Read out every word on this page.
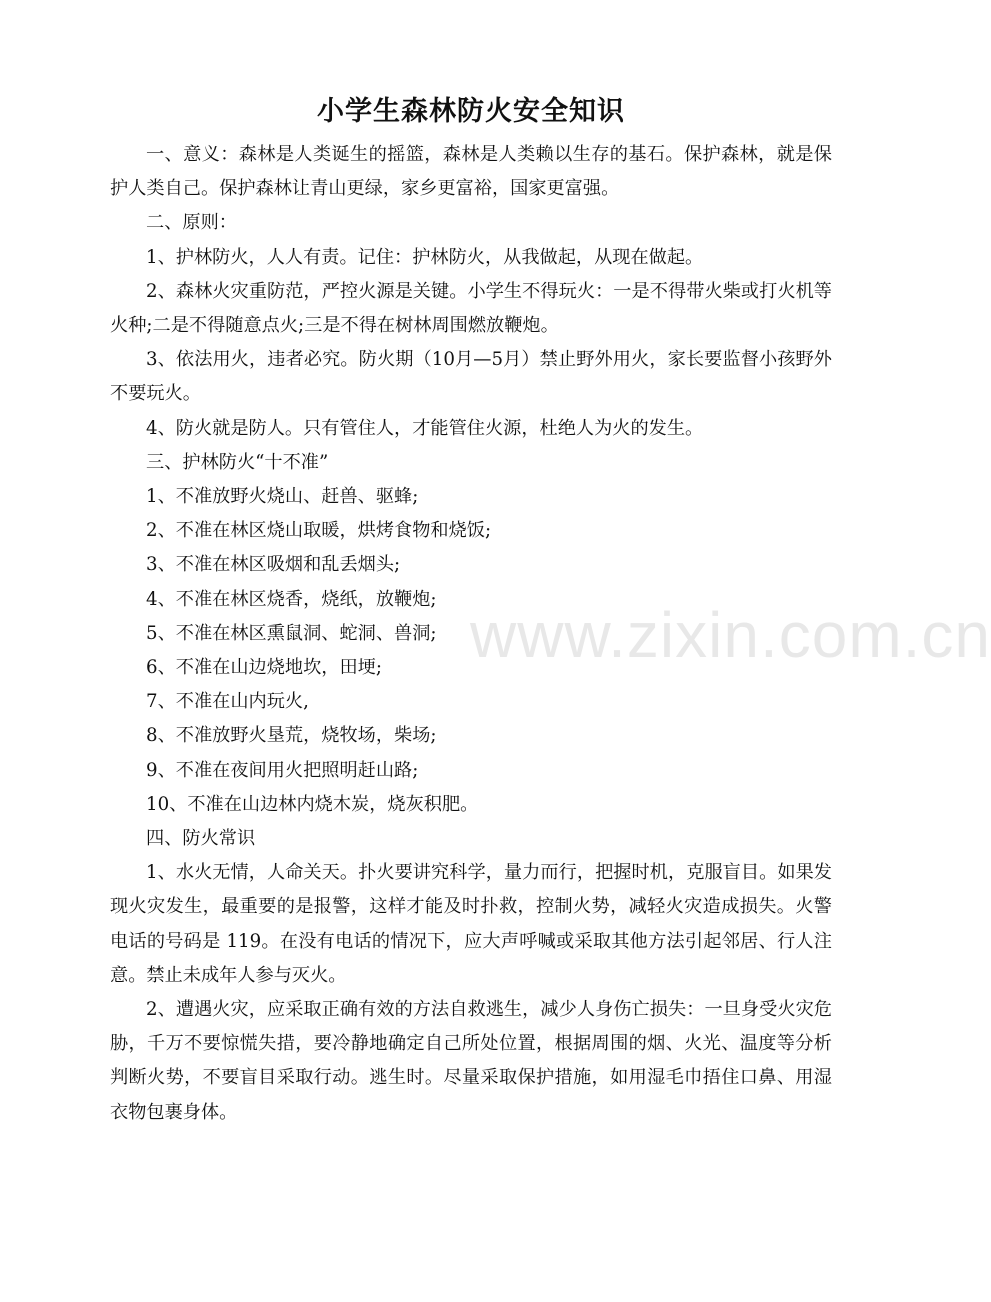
小学生森林防火安全知识

一、意义：森林是人类诞生的摇篮，森林是人类赖以生存的基石。保护森林，就是保护人类自己。保护森林让青山更绿，家乡更富裕，国家更富强。

二、原则：

1、护林防火，人人有责。记住：护林防火，从我做起，从现在做起。

2、森林火灾重防范，严控火源是关键。小学生不得玩火：一是不得带火柴或打火机等火种;二是不得随意点火;三是不得在树林周围燃放鞭炮。

3、依法用火，违者必究。防火期（10月—5月）禁止野外用火，家长要监督小孩野外不要玩火。

4、防火就是防人。只有管住人，才能管住火源，杜绝人为火的发生。

三、护林防火“十不准”

1、不准放野火烧山、赶兽、驱蜂;

2、不准在林区烧山取暖，烘烤食物和烧饭;

3、不准在林区吸烟和乱丢烟头;

4、不准在林区烧香，烧纸，放鞭炮;

5、不准在林区熏鼠洞、蛇洞、兽洞;

6、不准在山边烧地坎，田埂;

7、不准在山内玩火,

8、不准放野火垦荒，烧牧场，柴场;

9、不准在夜间用火把照明赶山路;

10、不准在山边林内烧木炭，烧灰积肥。

四、防火常识

1、水火无情，人命关天。扑火要讲究科学，量力而行，把握时机，克服盲目。如果发现火灾发生，最重要的是报警，这样才能及时扑救，控制火势，减轻火灾造成损失。火警电话的号码是 119。在没有电话的情况下，应大声呼喊或采取其他方法引起邻居、行人注意。禁止未成年人参与灭火。

2、遭遇火灾，应采取正确有效的方法自救逃生，减少人身伤亡损失：一旦身受火灾危胁，千万不要惊慌失措，要冷静地确定自己所处位置，根据周围的烟、火光、温度等分析判断火势，不要盲目采取行动。逃生时。尽量采取保护措施，如用湿毛巾捂住口鼻、用湿衣物包裹身体。

www.zixin.com.cn
